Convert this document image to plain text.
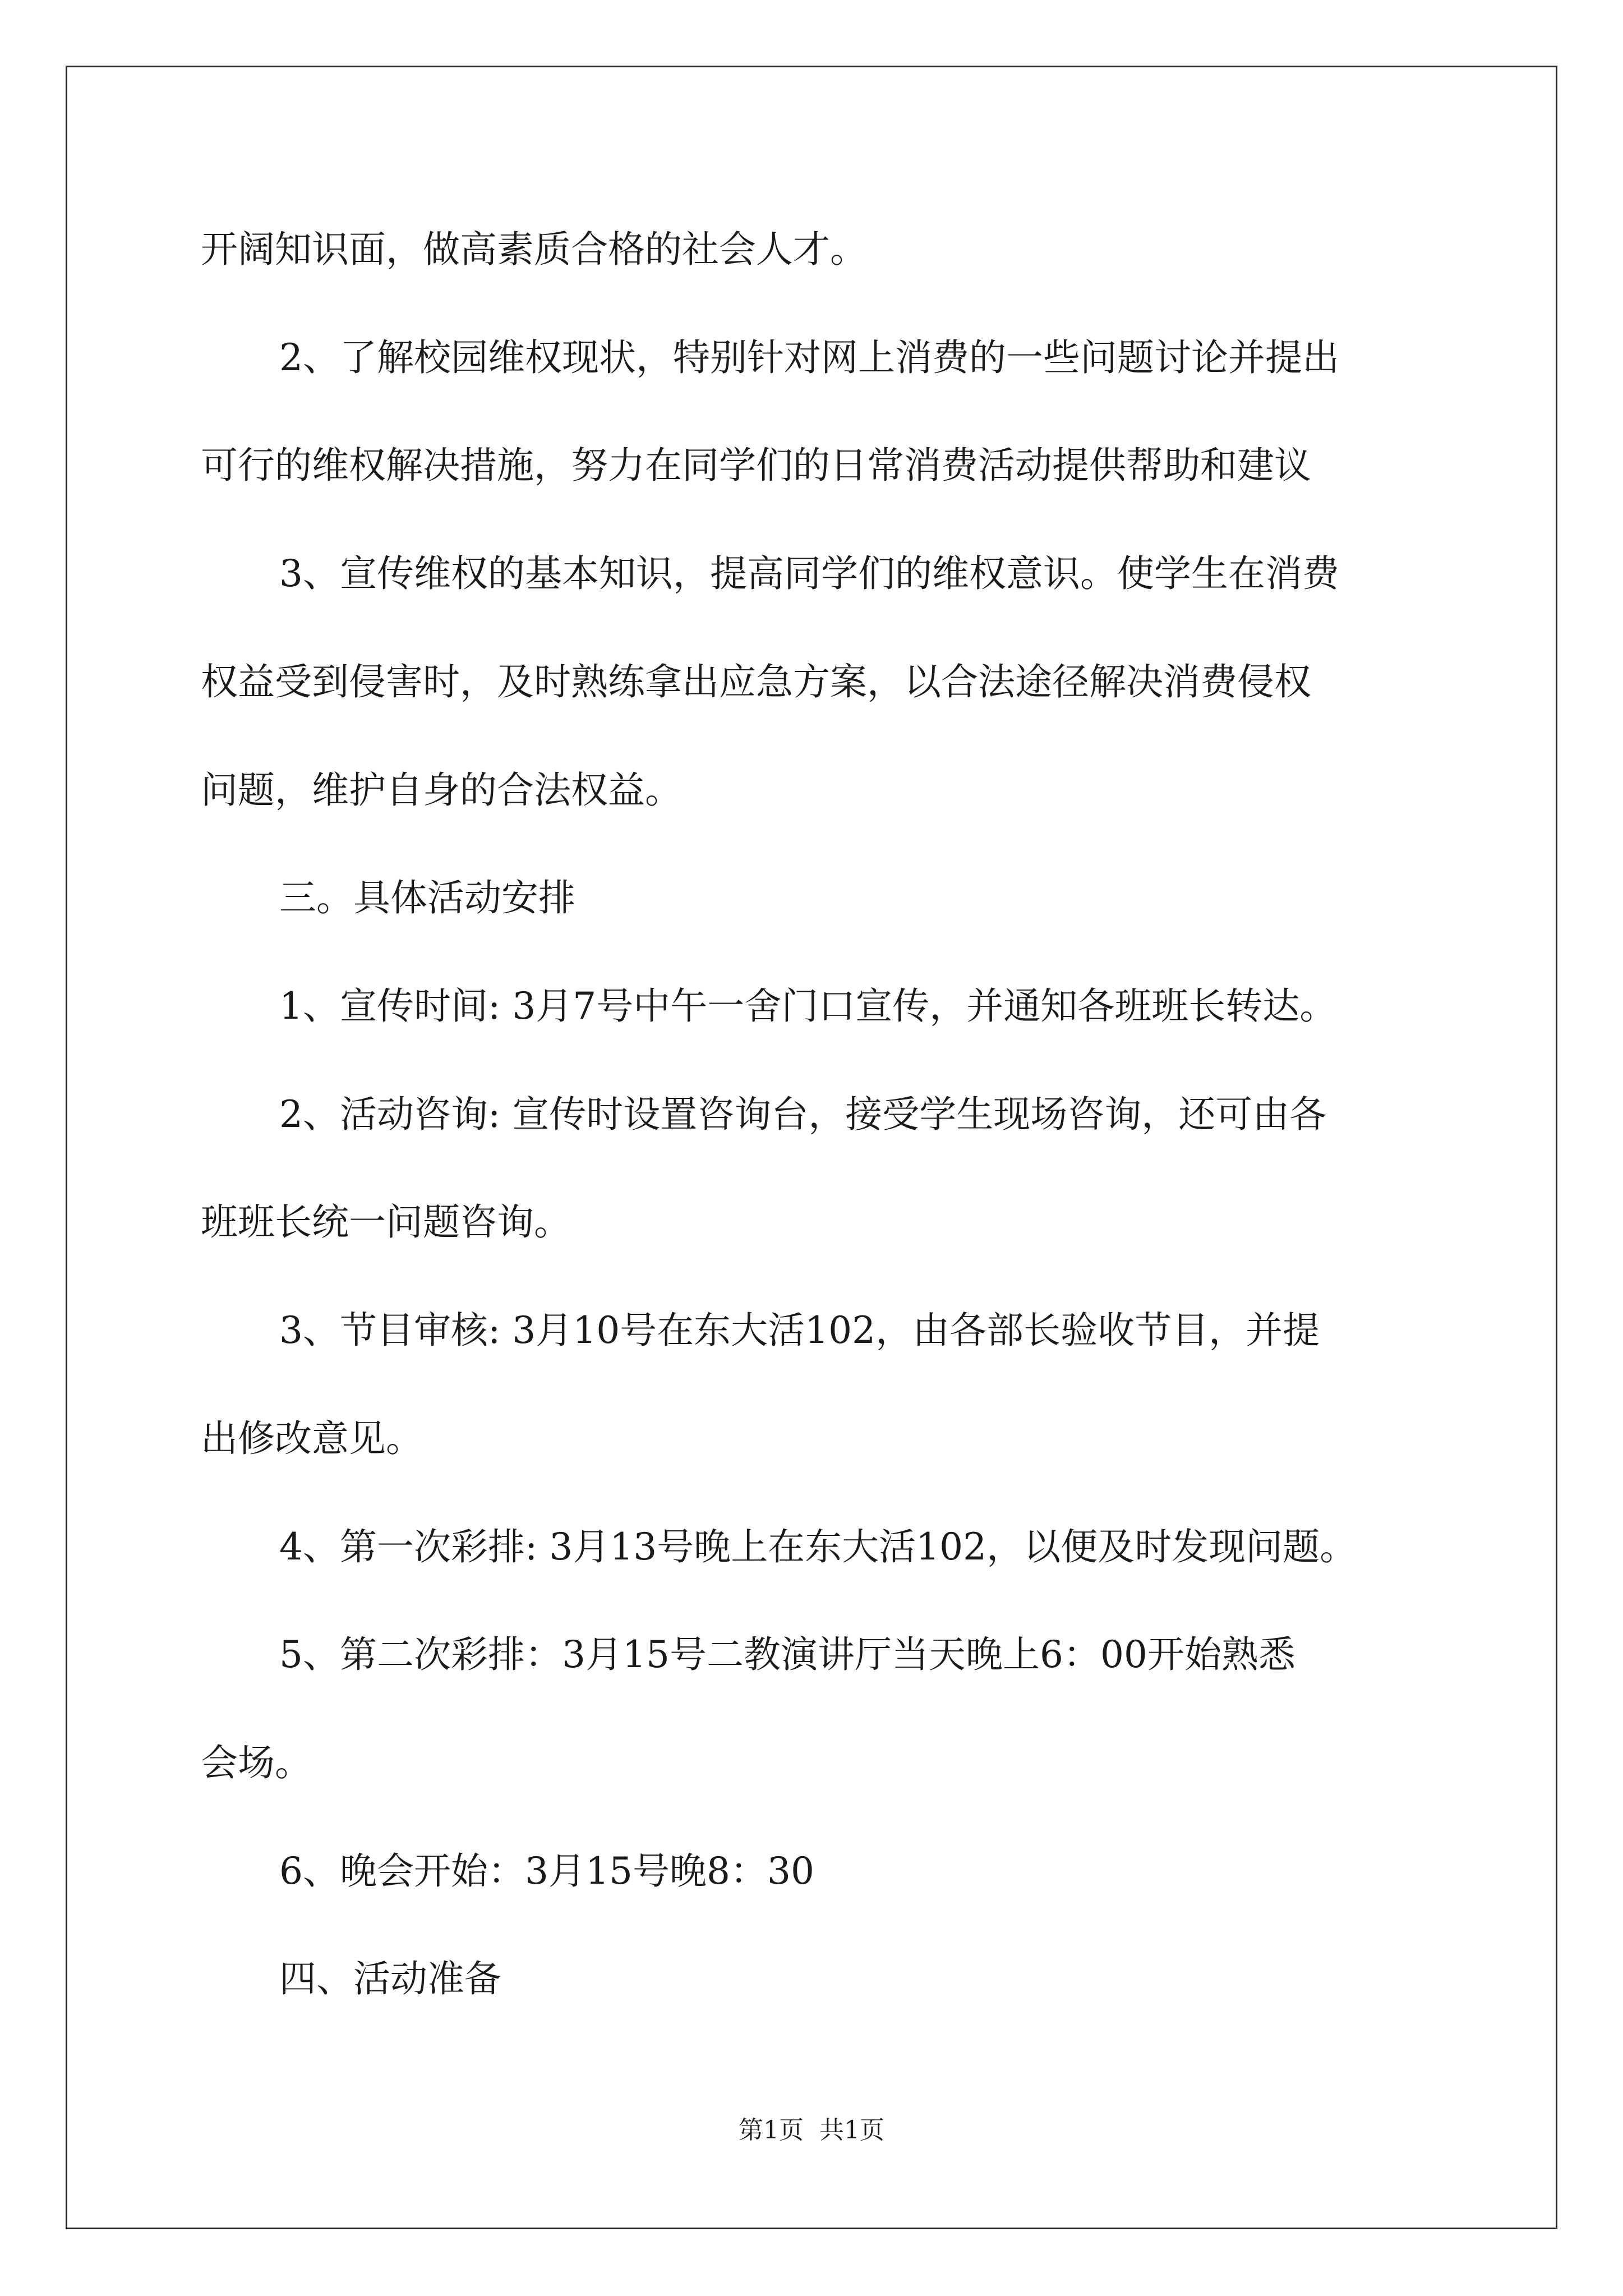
开阔知识面，做高素质合格的社会人才。
2、了解校园维权现状，特别针对网上消费的一些问题讨论并提出
可行的维权解决措施，努力在同学们的日常消费活动提供帮助和建议
3、宣传维权的基本知识，提高同学们的维权意识。使学生在消费
权益受到侵害时，及时熟练拿出应急方案，以合法途径解决消费侵权
问题，维护自身的合法权益。
三。具体活动安排
1、宣传时间: 3月7号中午一舍门口宣传，并通知各班班长转达。
2、活动咨询: 宣传时设置咨询台，接受学生现场咨询，还可由各
班班长统一问题咨询。
3、节目审核: 3月10号在东大活102，由各部长验收节目，并提
出修改意见。
4、第一次彩排: 3月13号晚上在东大活102，以便及时发现问题。
5、第二次彩排：3月15号二教演讲厅当天晚上6：00开始熟悉
会场。
6、晚会开始：3月15号晚8：30
四、活动准备
第1页 共1页
